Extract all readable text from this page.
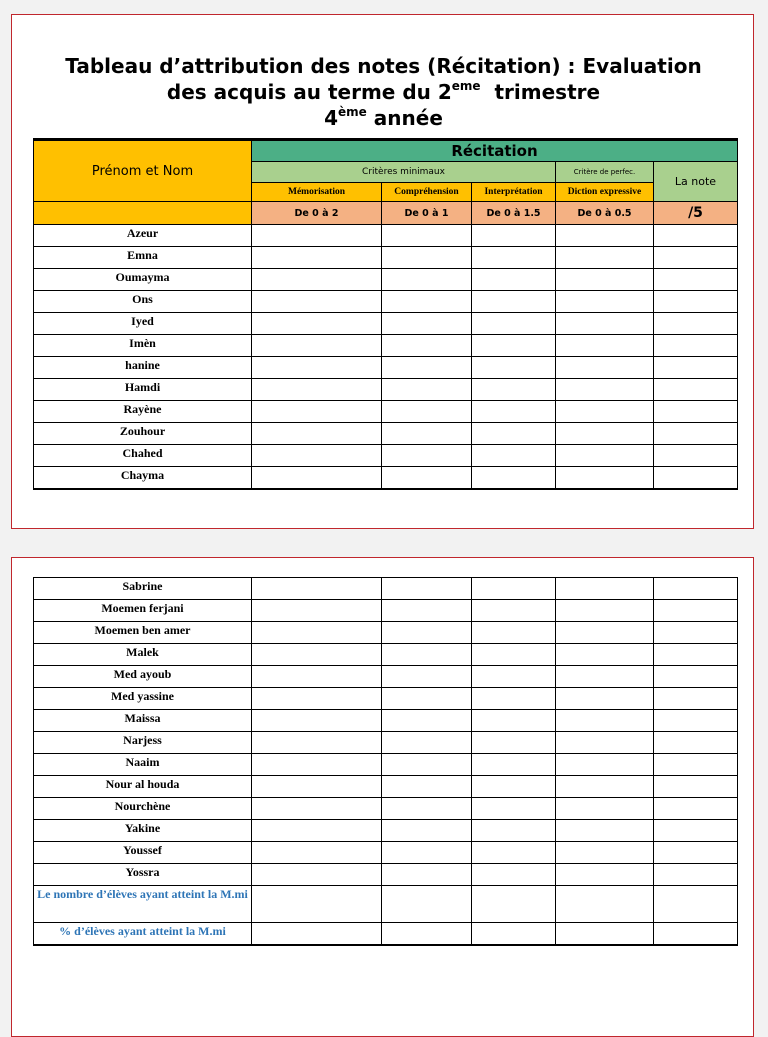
Tableau d’attribution des notes (Récitation) : Evaluation
des acquis au terme du 2eme  trimestre
4ème année
Prénom et Nom	Récitation				
	Critères minimaux			Critère de perfec.	La note
	Mémorisation	Compréhension	Interprétation	Diction expressive	
	De 0 à 2	De 0 à 1	De 0 à 1.5	De 0 à 0.5	/5
Azeur					
Emna					
Oumayma					
Ons					
Iyed					
Imèn					
hanine					
Hamdi					
Rayène					
Zouhour					
Chahed					
Chayma					
Sabrine					
Moemen ferjani					
Moemen ben amer					
Malek					
Med ayoub					
Med yassine					
Maissa					
Narjess					
Naaim					
Nour al houda					
Nourchène					
Yakine					
Youssef					
Yossra					
Le nombre d’élèves ayant atteint la M.mi					
% d’élèves ayant atteint la M.mi					
